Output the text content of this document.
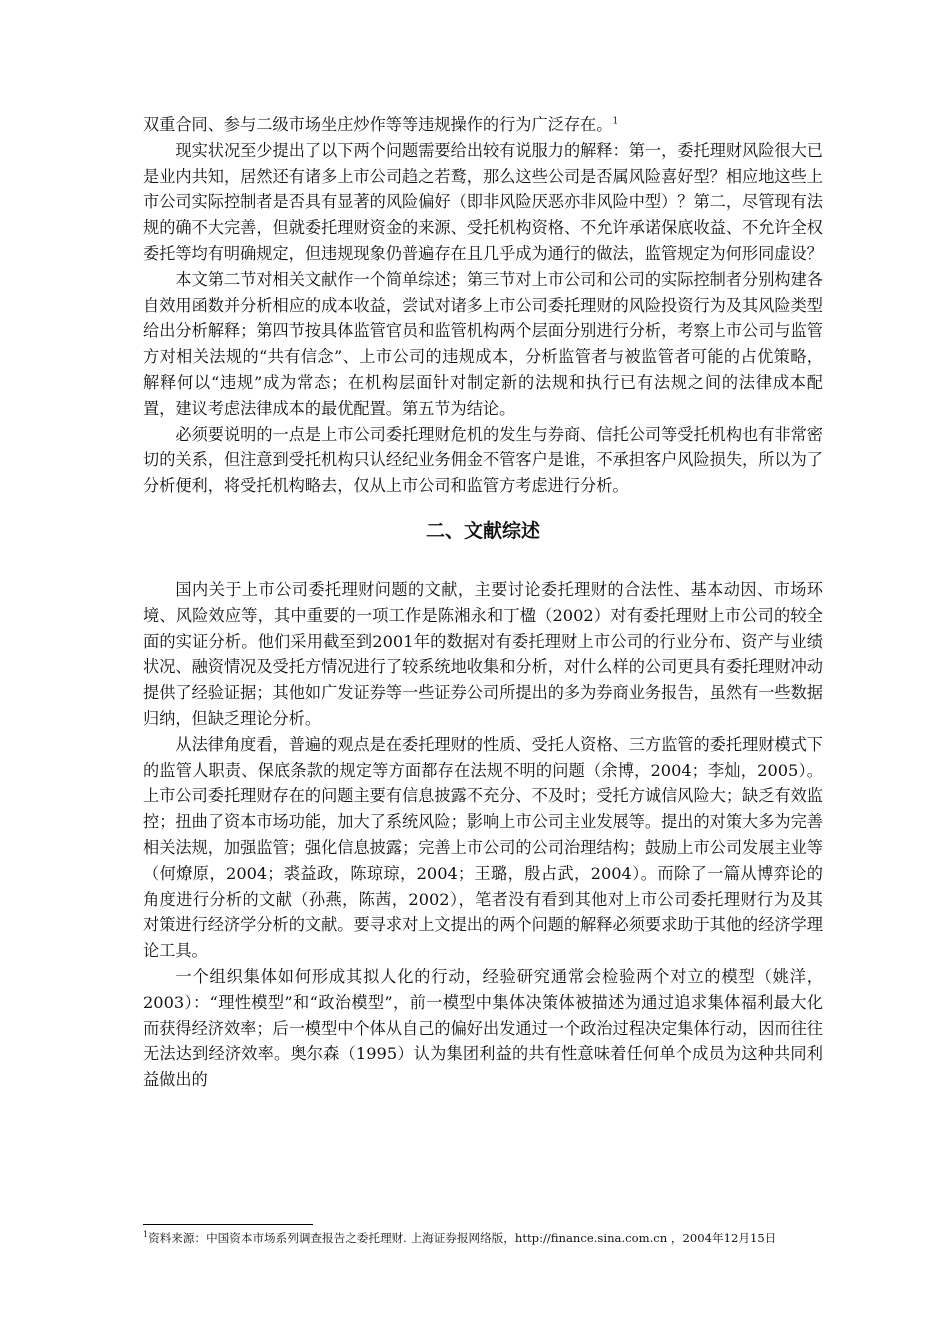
双重合同、参与二级市场坐庄炒作等等违规操作的行为广泛存在。$^1$

现实状况至少提出了以下两个问题需要给出较有说服力的解释：第一，委托理财风险很大已是业内共知，居然还有诸多上市公司趋之若鹜，那么这些公司是否属风险喜好型？相应地这些上市公司实际控制者是否具有显著的风险偏好（即非风险厌恶亦非风险中型）？第二，尽管现有法规的确不大完善，但就委托理财资金的来源、受托机构资格、不允许承诺保底收益、不允许全权委托等均有明确规定，但违规现象仍普遍存在且几乎成为通行的做法，监管规定为何形同虚设？

本文第二节对相关文献作一个简单综述；第三节对上市公司和公司的实际控制者分别构建各自效用函数并分析相应的成本收益，尝试对诸多上市公司委托理财的风险投资行为及其风险类型给出分析解释；第四节按具体监管官员和监管机构两个层面分别进行分析，考察上市公司与监管方对相关法规的“共有信念”、上市公司的违规成本，分析监管者与被监管者可能的占优策略，解释何以“违规”成为常态；在机构层面针对制定新的法规和执行已有法规之间的法律成本配置，建议考虑法律成本的最优配置。第五节为结论。

必须要说明的一点是上市公司委托理财危机的发生与券商、信托公司等受托机构也有非常密切的关系，但注意到受托机构只认经纪业务佣金不管客户是谁，不承担客户风险损失，所以为了分析便利，将受托机构略去，仅从上市公司和监管方考虑进行分析。

二、文献综述

国内关于上市公司委托理财问题的文献，主要讨论委托理财的合法性、基本动因、市场环境、风险效应等，其中重要的一项工作是陈湘永和丁楹（2002）对有委托理财上市公司的较全面的实证分析。他们采用截至到2001年的数据对有委托理财上市公司的行业分布、资产与业绩状况、融资情况及受托方情况进行了较系统地收集和分析，对什么样的公司更具有委托理财冲动提供了经验证据；其他如广发证券等一些证券公司所提出的多为券商业务报告，虽然有一些数据归纳，但缺乏理论分析。

从法律角度看，普遍的观点是在委托理财的性质、受托人资格、三方监管的委托理财模式下的监管人职责、保底条款的规定等方面都存在法规不明的问题（余博，2004；李灿，2005）。上市公司委托理财存在的问题主要有信息披露不充分、不及时；受托方诚信风险大；缺乏有效监控；扭曲了资本市场功能，加大了系统风险；影响上市公司主业发展等。提出的对策大多为完善相关法规，加强监管；强化信息披露；完善上市公司的公司治理结构；鼓励上市公司发展主业等（何燎原，2004；裘益政，陈琼琼，2004；王璐，殷占武，2004）。而除了一篇从博弈论的角度进行分析的文献（孙燕，陈茜，2002），笔者没有看到其他对上市公司委托理财行为及其对策进行经济学分析的文献。要寻求对上文提出的两个问题的解释必须要求助于其他的经济学理论工具。

一个组织集体如何形成其拟人化的行动，经验研究通常会检验两个对立的模型（姚洋，2003）：“理性模型”和“政治模型”，前一模型中集体决策体被描述为通过追求集体福利最大化而获得经济效率；后一模型中个体从自己的偏好出发通过一个政治过程决定集体行动，因而往往无法达到经济效率。奥尔森（1995）认为集团利益的共有性意味着任何单个成员为这种共同利益做出的

$^1$资料来源：中国资本市场系列调查报告之委托理财. 上海证券报网络版，http://finance.sina.com.cn ，2004年12月15日
